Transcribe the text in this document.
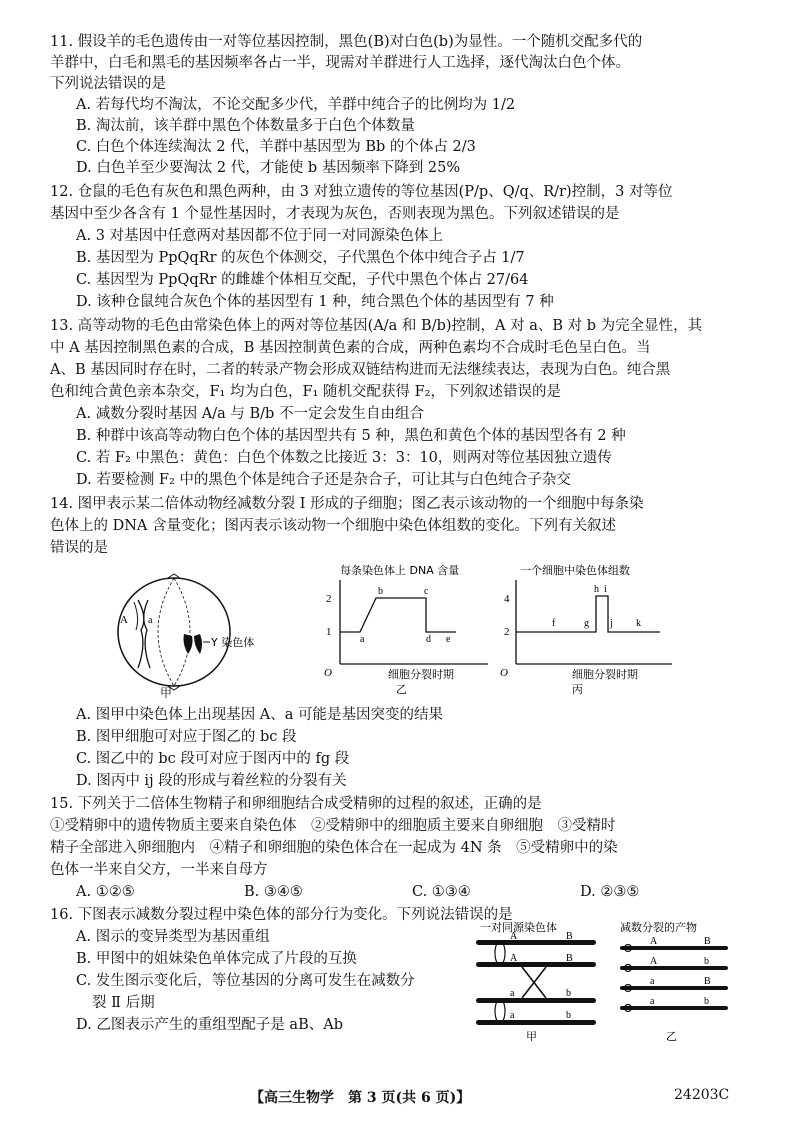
11. 假设羊的毛色遗传由一对等位基因控制，黑色(B)对白色(b)为显性。一个随机交配多代的
羊群中，白毛和黑毛的基因频率各占一半，现需对羊群进行人工选择，逐代淘汰白色个体。
下列说法错误的是
A. 若每代均不淘汰，不论交配多少代，羊群中纯合子的比例均为 1/2
B. 淘汰前，该羊群中黑色个体数量多于白色个体数量
C. 白色个体连续淘汰 2 代，羊群中基因型为 Bb 的个体占 2/3
D. 白色羊至少要淘汰 2 代，才能使 b 基因频率下降到 25%
12. 仓鼠的毛色有灰色和黑色两种，由 3 对独立遗传的等位基因(P/p、Q/q、R/r)控制，3 对等位
基因中至少各含有 1 个显性基因时，才表现为灰色，否则表现为黑色。下列叙述错误的是
A. 3 对基因中任意两对基因都不位于同一对同源染色体上
B. 基因型为 PpQqRr 的灰色个体测交，子代黑色个体中纯合子占 1/7
C. 基因型为 PpQqRr 的雌雄个体相互交配，子代中黑色个体占 27/64
D. 该种仓鼠纯合灰色个体的基因型有 1 种，纯合黑色个体的基因型有 7 种
13. 高等动物的毛色由常染色体上的两对等位基因(A/a 和 B/b)控制，A 对 a、B 对 b 为完全显性，其
中 A 基因控制黑色素的合成，B 基因控制黄色素的合成，两种色素均不合成时毛色呈白色。当
A、B 基因同时存在时，二者的转录产物会形成双链结构进而无法继续表达，表现为白色。纯合黑
色和纯合黄色亲本杂交，F₁ 均为白色，F₁ 随机交配获得 F₂，下列叙述错误的是
A. 减数分裂时基因 A/a 与 B/b 不一定会发生自由组合
B. 种群中该高等动物白色个体的基因型共有 5 种，黑色和黄色个体的基因型各有 2 种
C. 若 F₂ 中黑色：黄色：白色个体数之比接近 3：3：10，则两对等位基因独立遗传
D. 若要检测 F₂ 中的黑色个体是纯合子还是杂合子，可让其与白色纯合子杂交
14. 图甲表示某二倍体动物经减数分裂 Ⅰ 形成的子细胞；图乙表示该动物的一个细胞中每条染
色体上的 DNA 含量变化；图丙表示该动物一个细胞中染色体组数的变化。下列有关叙述
错误的是
A a
Y 染色体
甲
每条染色体上 DNA 含量
2
1
O
a
b	c
d e
细胞分裂时期
乙
一个细胞中染色体组数
4
2
O
f	g
h i
j k
细胞分裂时期
丙
A. 图甲中染色体上出现基因 A、a 可能是基因突变的结果
B. 图甲细胞可对应于图乙的 bc 段
C. 图乙中的 bc 段可对应于图丙中的 fg 段
D. 图丙中 ij 段的形成与着丝粒的分裂有关
15. 下列关于二倍体生物精子和卵细胞结合成受精卵的过程的叙述，正确的是
①受精卵中的遗传物质主要来自染色体　②受精卵中的细胞质主要来自卵细胞　③受精时
精子全部进入卵细胞内　④精子和卵细胞的染色体合在一起成为 4N 条　⑤受精卵中的染
色体一半来自父方，一半来自母方
A. ①②⑤	B. ③④⑤	C. ①③④	D. ②③⑤
16. 下图表示减数分裂过程中染色体的部分行为变化。下列说法错误的是
A. 图示的变异类型为基因重组
B. 甲图中的姐妹染色单体完成了片段的互换
C. 发生图示变化后，等位基因的分离可发生在减数分
裂 Ⅱ 后期
D. 乙图表示产生的重组型配子是 aB、Ab
一对同源染色体	减数分裂的产物
A	B
A	B
a	b
a	b
甲
A	B
A	b
a	B
a	b
乙
【高三生物学　第 3 页(共 6 页)】	24203C
